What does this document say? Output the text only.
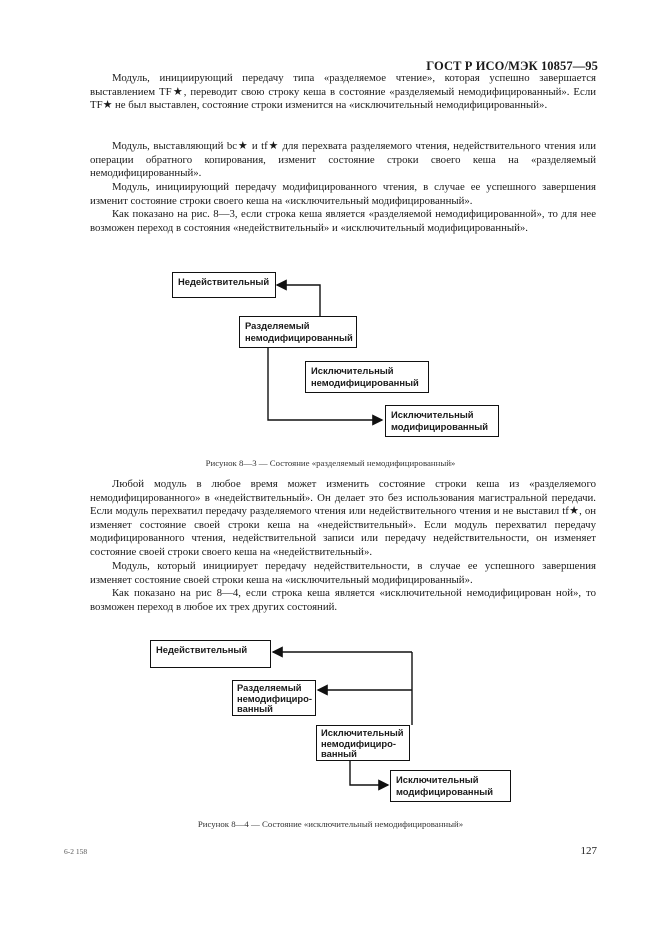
ГОСТ Р ИСО/МЭК 10857—95
Модуль, инициирующий передачу типа «разделяемое чтение», которая успешно завершается выставлением TF★, переводит свою строку кеша в состояние «разделяемый немодифицированный». Если TF★ не был выставлен, состояние строки изменится на «исключительный немодифицированный».
Модуль, выставляющий bc★ и tf★ для перехвата разделяемого чтения, недействительного чтения или операции обратного копирования, изменит состояние строки своего кеша на «разделяемый немодифицированный».
Модуль, инициирующий передачу модифицированного чтения, в случае ее успешного завершения изменит состояние строки своего кеша на «исключительный модифицированный».
Как показано на рис. 8—3, если строка кеша является «разделяемой немодифицированной», то для нее возможен переход в состояния «недействительный» и «исключительный модифицированный».
Недействительный
Разделяемый немодифицированный
Исключительный немодифицированный
Исключительный модифицированный
Рисунок 8—3 — Состояние «разделяемый немодифицированный»
Любой модуль в любое время может изменить состояние строки кеша из «разделяемого немодифицированного» в «недействительный». Он делает это без использования магистральной передачи. Если модуль перехватил передачу разделяемого чтения или недействительного чтения и не выставил tf★, он изменяет состояние своей строки кеша на «недействительный». Если модуль перехватил передачу модифицированного чтения, недействительной записи или передачу недействительности, он изменяет состояние своей строки своего кеша на «недействительный».
Модуль, который инициирует передачу недействительности, в случае ее успешного завершения изменяет состояние своей строки кеша на «исключительный модифицированный».
Как показано на рис 8—4, если строка кеша является «исключительной немодифицирован ной», то возможен переход в любое их трех других состояний.
Недействительный
Разделяемый немодифициро-ванный
Исключительный немодифициро-ванный
Исключительный модифицированный
Рисунок 8—4 — Состояние «исключительный немодифицированный»
6-2 158	127
